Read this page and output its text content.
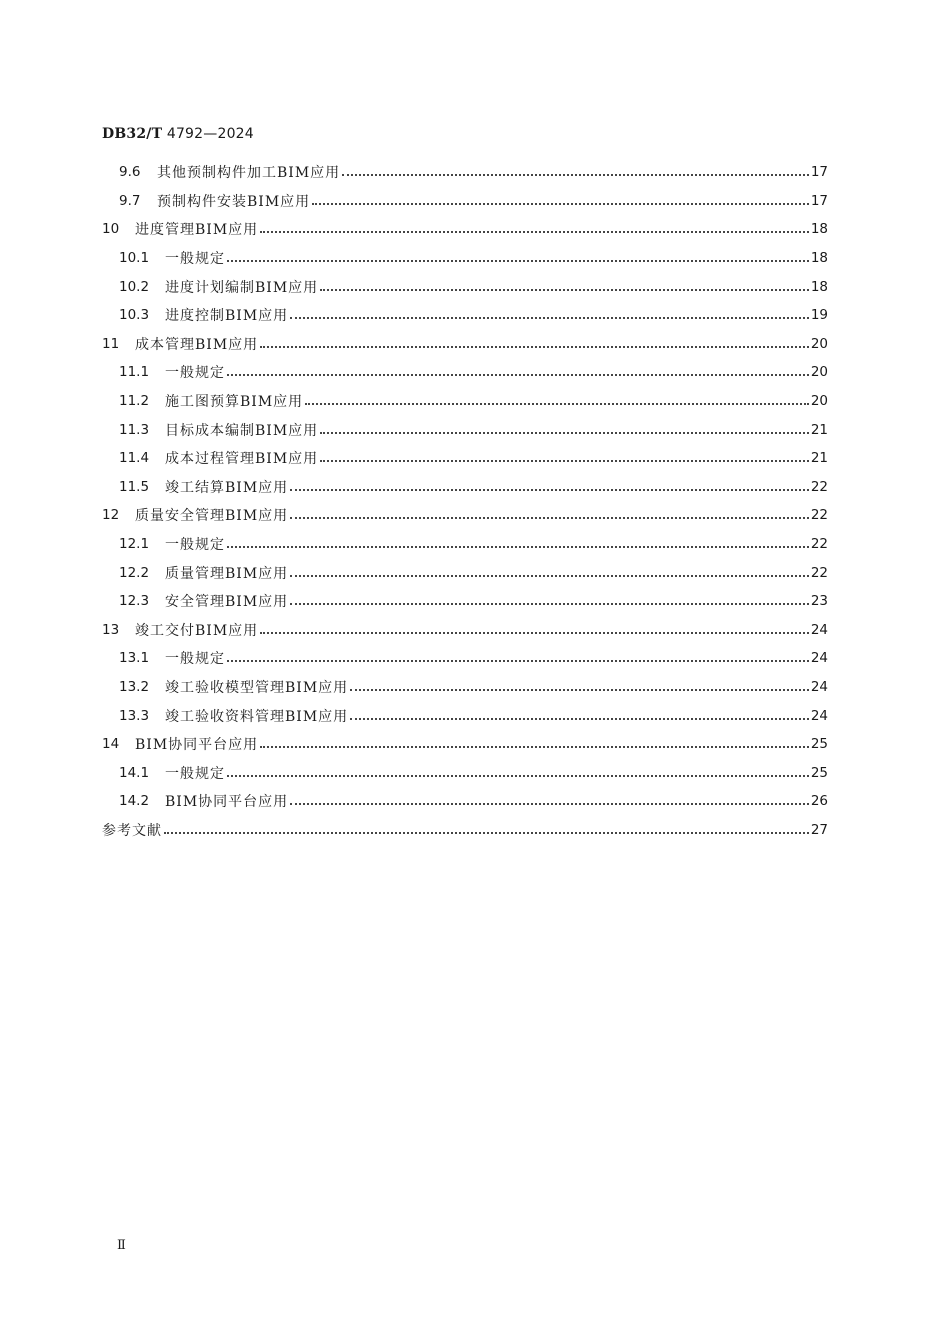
DB32/T 4792—2024
9.6	其他预制构件加工BIM应用	17
9.7	预制构件安装BIM应用	17
10	进度管理BIM应用	18
10.1	一般规定	18
10.2	进度计划编制BIM应用	18
10.3	进度控制BIM应用	19
11	成本管理BIM应用	20
11.1	一般规定	20
11.2	施工图预算BIM应用	20
11.3	目标成本编制BIM应用	21
11.4	成本过程管理BIM应用	21
11.5	竣工结算BIM应用	22
12	质量安全管理BIM应用	22
12.1	一般规定	22
12.2	质量管理BIM应用	22
12.3	安全管理BIM应用	23
13	竣工交付BIM应用	24
13.1	一般规定	24
13.2	竣工验收模型管理BIM应用	24
13.3	竣工验收资料管理BIM应用	24
14	BIM协同平台应用	25
14.1	一般规定	25
14.2	BIM协同平台应用	26
参考文献	27
Ⅱ
